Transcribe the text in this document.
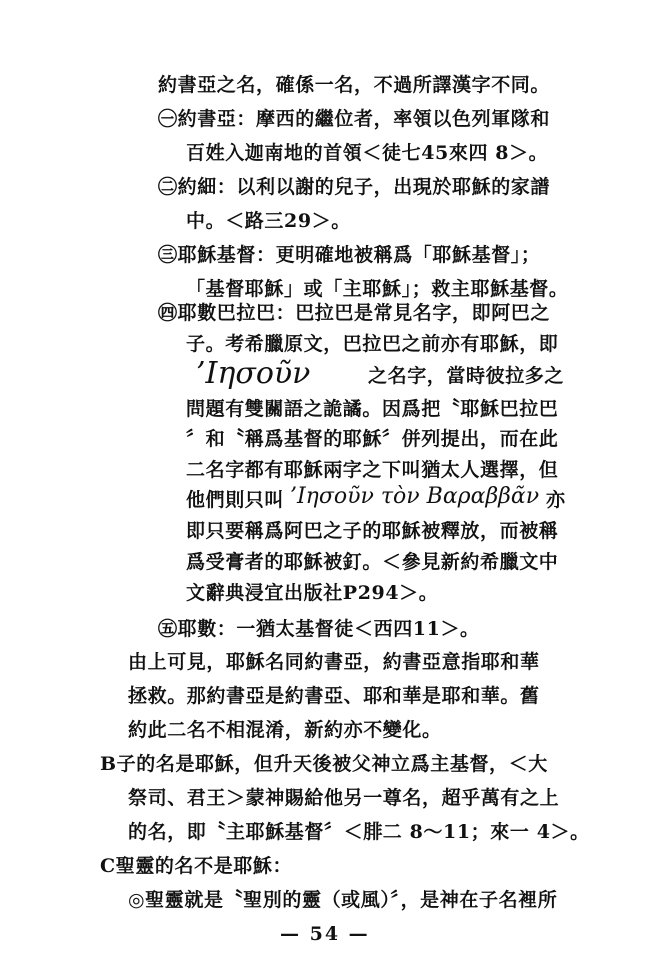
約書亞之名，確係一名，不過所譯漢字不同。
㊀約書亞：摩西的繼位者，率領以色列軍隊和
百姓入迦南地的首領＜徒七45來四 8＞。
㊁約細：以利以謝的兒子，出現於耶穌的家譜
中。＜路三29＞。
㊂耶穌基督：更明確地被稱爲「耶穌基督」；
「基督耶穌」或「主耶穌」；救主耶穌基督。
㊃耶數巴拉巴：巴拉巴是常見名字，即阿巴之
子。考希臘原文，巴拉巴之前亦有耶穌，即
’Iησοῦν	之名字，當時彼拉多之
問題有雙關語之詭譎。因爲把〝耶穌巴拉巴
〞和〝稱爲基督的耶穌〞併列提出，而在此
二名字都有耶穌兩字之下叫猶太人選擇，但
他們則只叫 ’Iησοῦν τὸν Βαραββᾶν 亦
即只要稱爲阿巴之子的耶穌被釋放，而被稱
爲受膏者的耶穌被釘。＜參見新約希臘文中
文辭典浸宜出版社P294＞。
㊄耶數：一猶太基督徒＜西四11＞。
由上可見，耶穌名同約書亞，約書亞意指耶和華
拯救。那約書亞是約書亞、耶和華是耶和華。舊
約此二名不相混淆，新約亦不變化。
B子的名是耶穌，但升天後被父神立爲主基督，＜大
祭司、君王＞蒙神賜給他另一尊名，超乎萬有之上
的名，即〝主耶穌基督〞＜腓二 8～11；來一 4＞。
C聖靈的名不是耶穌：
◎聖靈就是〝聖別的靈（或風）〞，是神在子名裡所
— 54 —
